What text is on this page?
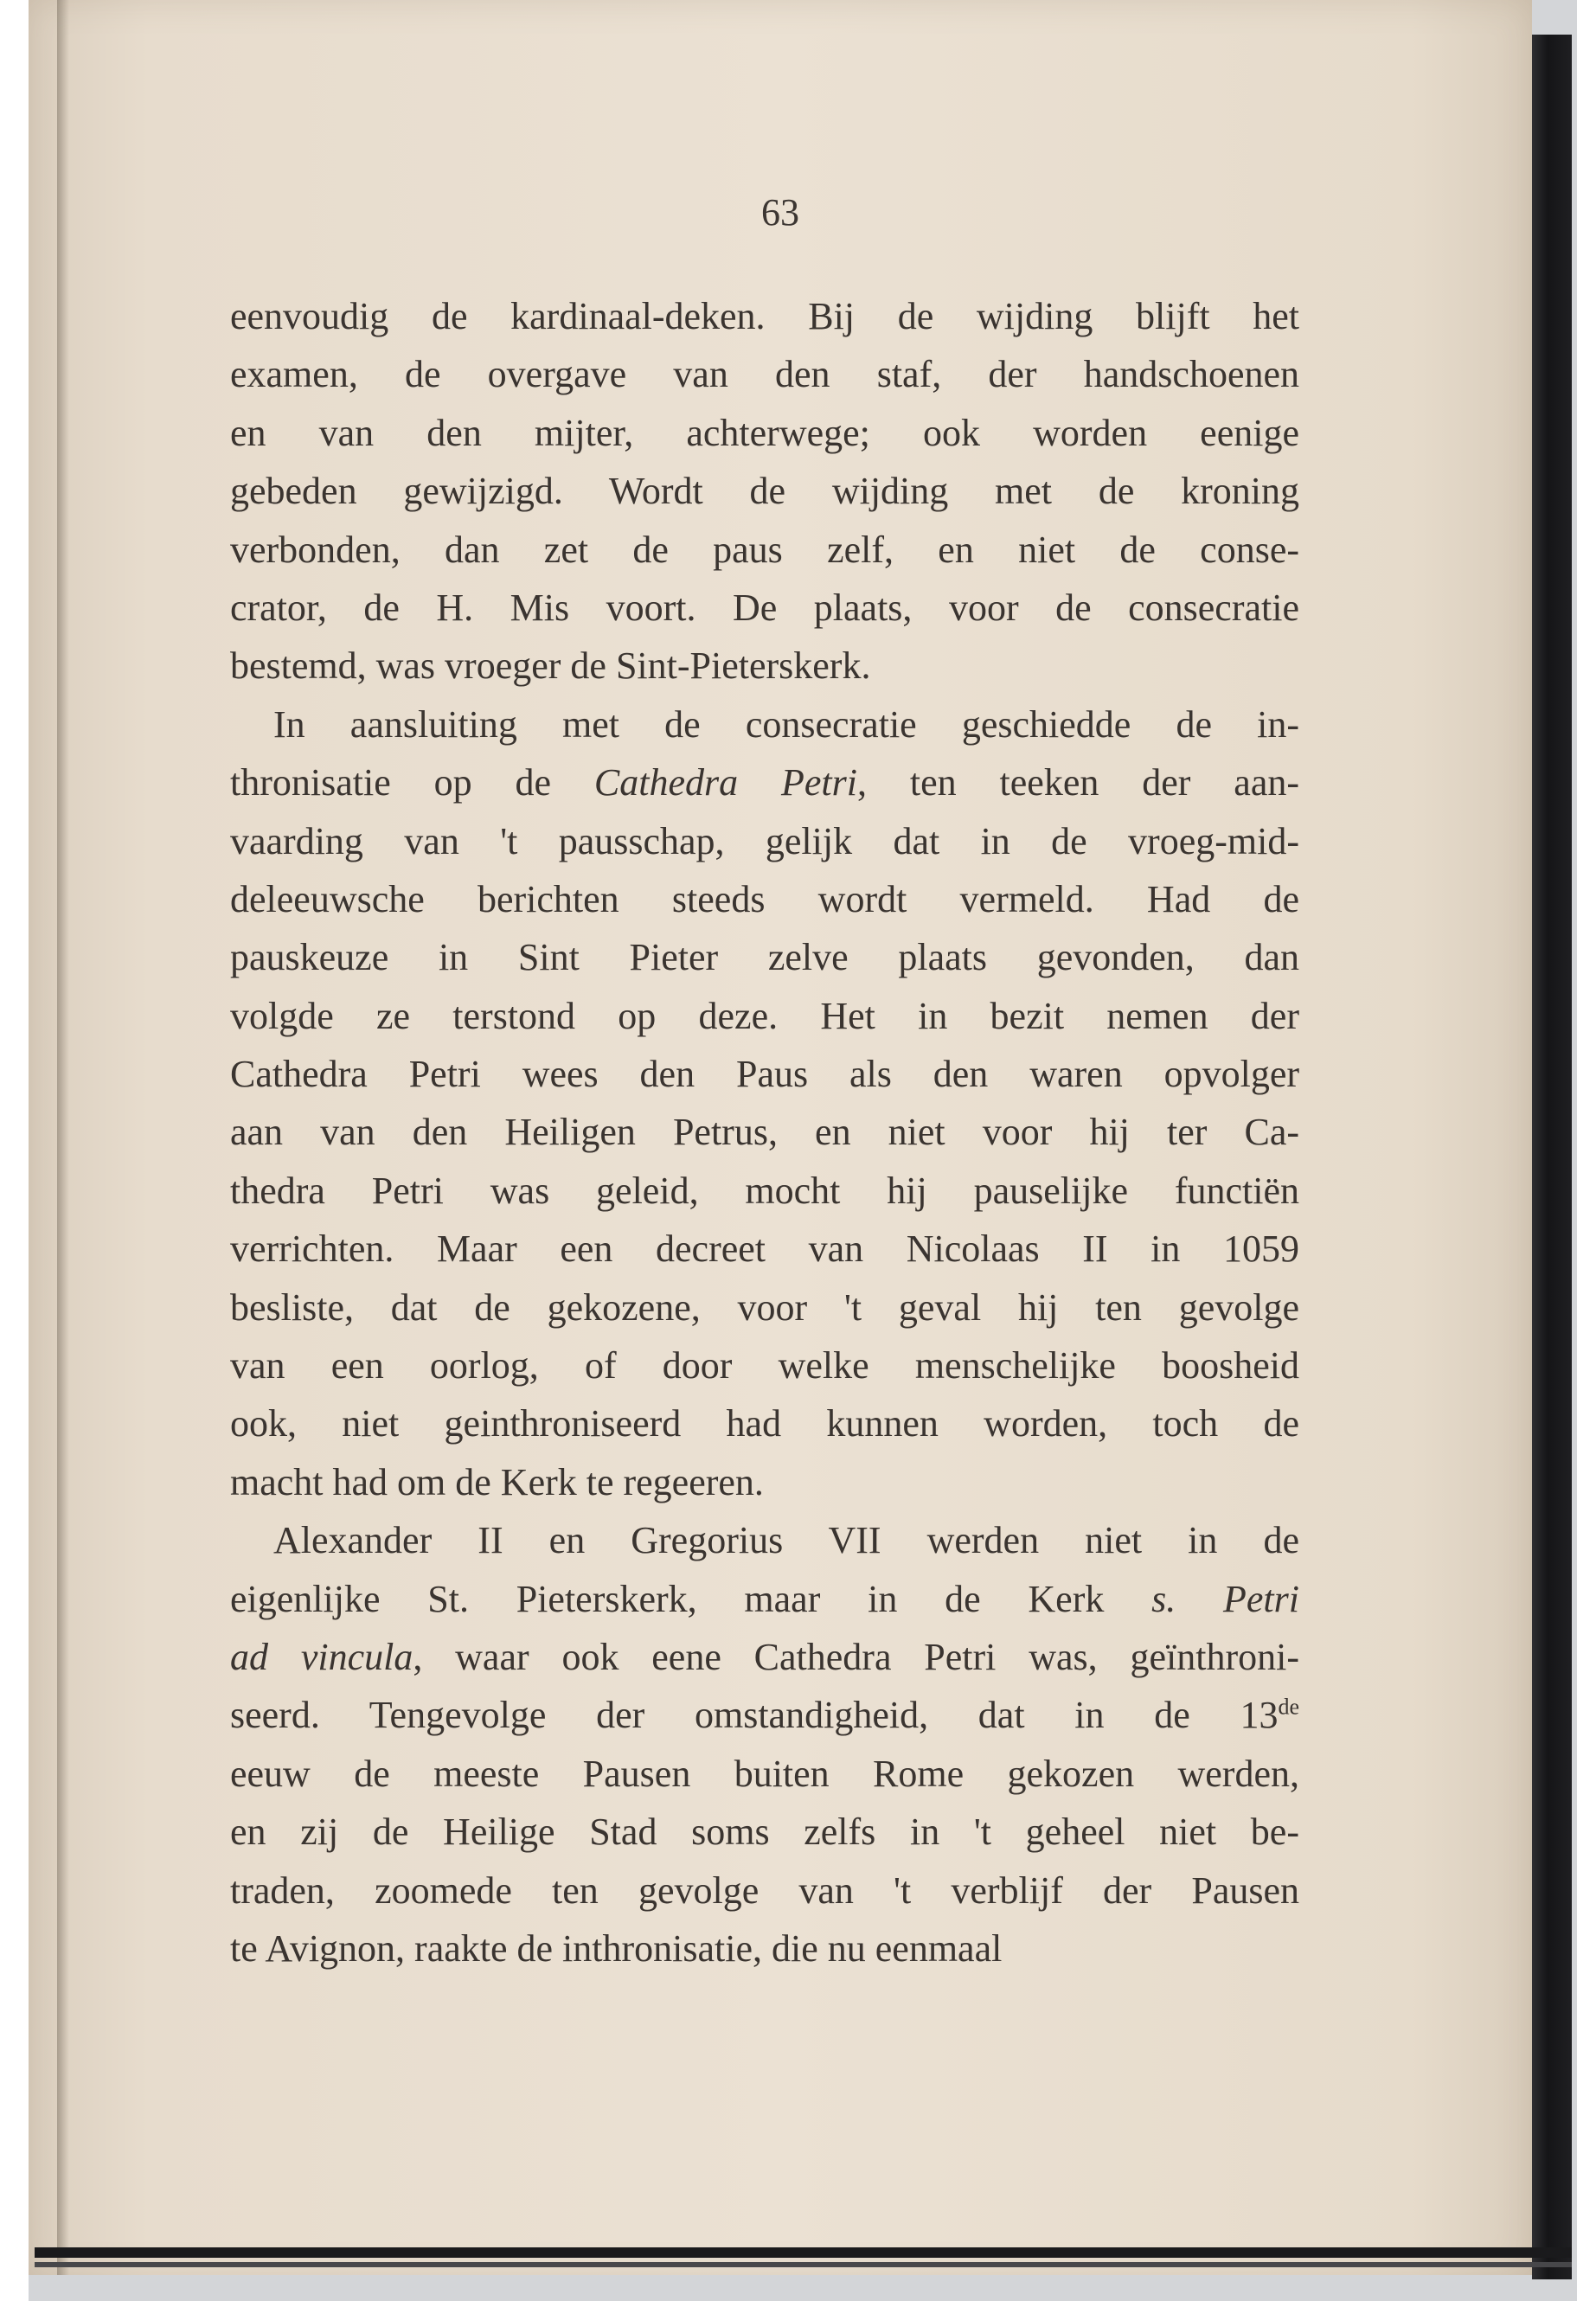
63
eenvoudig de kardinaal-deken. Bij de wijding blijft het
examen, de overgave van den staf, der handschoenen
en van den mijter, achterwege; ook worden eenige
gebeden gewijzigd. Wordt de wijding met de kroning
verbonden, dan zet de paus zelf, en niet de conse-
crator, de H. Mis voort. De plaats, voor de consecratie
bestemd, was vroeger de Sint-Pieterskerk.
In aansluiting met de consecratie geschiedde de in-
thronisatie op de Cathedra Petri, ten teeken der aan-
vaarding van 't pausschap, gelijk dat in de vroeg-mid-
deleeuwsche berichten steeds wordt vermeld. Had de
pauskeuze in Sint Pieter zelve plaats gevonden, dan
volgde ze terstond op deze. Het in bezit nemen der
Cathedra Petri wees den Paus als den waren opvolger
aan van den Heiligen Petrus, en niet voor hij ter Ca-
thedra Petri was geleid, mocht hij pauselijke functiën
verrichten. Maar een decreet van Nicolaas II in 1059
besliste, dat de gekozene, voor 't geval hij ten gevolge
van een oorlog, of door welke menschelijke boosheid
ook, niet geinthroniseerd had kunnen worden, toch de
macht had om de Kerk te regeeren.
Alexander II en Gregorius VII werden niet in de
eigenlijke St. Pieterskerk, maar in de Kerk s. Petri
ad vincula, waar ook eene Cathedra Petri was, geïnthroni-
seerd. Tengevolge der omstandigheid, dat in de 13de
eeuw de meeste Pausen buiten Rome gekozen werden,
en zij de Heilige Stad soms zelfs in 't geheel niet be-
traden, zoomede ten gevolge van 't verblijf der Pausen
te Avignon, raakte de inthronisatie, die nu eenmaal
